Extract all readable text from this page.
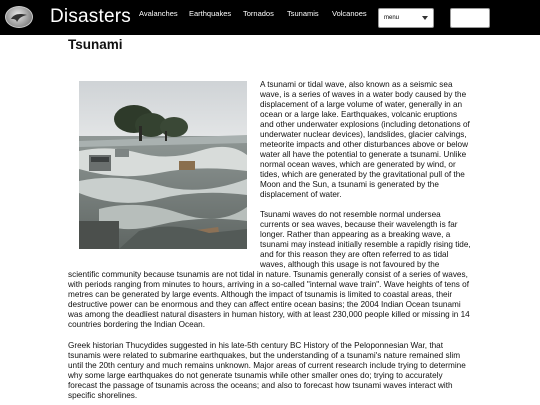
Disasters Avalanches Earthquakes Tornados Tsunamis Volcanoes	menu
Tsunami

A tsunami or tidal wave, also known as a seismic sea wave, is a series of waves in a water body caused by the displacement of a large volume of water, generally in an ocean or a large lake. Earthquakes, volcanic eruptions and other underwater explosions (including detonations of underwater nuclear devices), landslides, glacier calvings, meteorite impacts and other disturbances above or below water all have the potential to generate a tsunami. Unlike normal ocean waves, which are generated by wind, or tides, which are generated by the gravitational pull of the Moon and the Sun, a tsunami is generated by the displacement of water.

Tsunami waves do not resemble normal undersea currents or sea waves, because their wavelength is far longer. Rather than appearing as a breaking wave, a tsunami may instead initially resemble a rapidly rising tide, and for this reason they are often referred to as tidal waves, although this usage is not favoured by the

scientific community because tsunamis are not tidal in nature. Tsunamis generally consist of a series of waves, with periods ranging from minutes to hours, arriving in a so-called "internal wave train". Wave heights of tens of metres can be generated by large events. Although the impact of tsunamis is limited to coastal areas, their destructive power can be enormous and they can affect entire ocean basins; the 2004 Indian Ocean tsunami was among the deadliest natural disasters in human history, with at least 230,000 people killed or missing in 14 countries bordering the Indian Ocean.

Greek historian Thucydides suggested in his late-5th century BC History of the Peloponnesian War, that tsunamis were related to submarine earthquakes, but the understanding of a tsunami's nature remained slim until the 20th century and much remains unknown. Major areas of current research include trying to determine why some large earthquakes do not generate tsunamis while other smaller ones do; trying to accurately forecast the passage of tsunamis across the oceans; and also to forecast how tsunami waves interact with specific shorelines.
